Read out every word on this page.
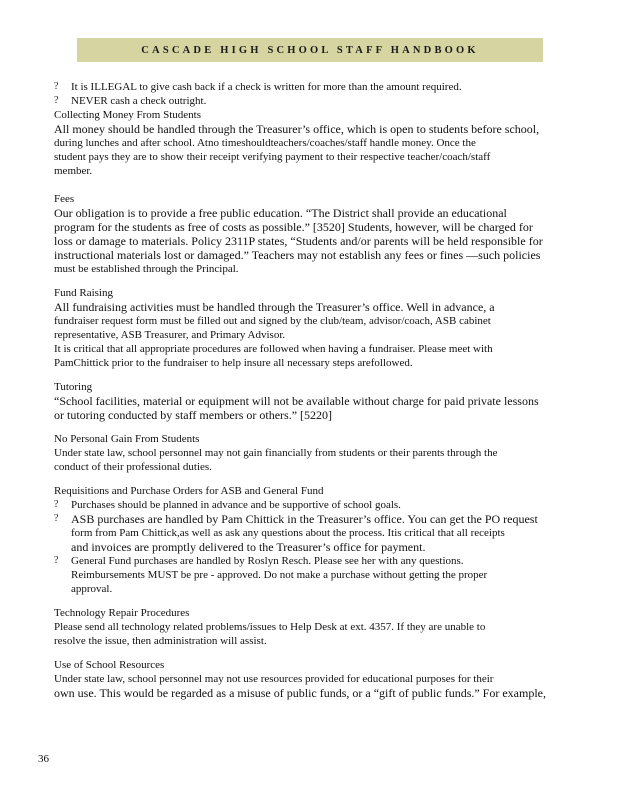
CASCADE HIGH SCHOOL STAFF HANDBOOK
? It is ILLEGAL to give cash back if a check is written for more than the amount required.
? NEVER cash a check outright.
Collecting Money From Students
All money should be handled through the Treasurer’s office, which is open to students before school,
during lunches and after school. Atno timeshouldteachers/coaches/staff handle money. Once the
student pays they are to show their receipt verifying payment to their respective teacher/coach/staff
member.
Fees
Our obligation is to provide a free public education. “The District shall provide an educational
program for the students as free of costs as possible.” [3520] Students, however, will be charged for
loss or damage to materials. Policy 2311P states, “Students and/or parents will be held responsible for
instructional materials lost or damaged.” Teachers may not establish any fees or fines —such policies
must be established through the Principal.
Fund Raising
All fundraising activities must be handled through the Treasurer’s office. Well in advance, a
fundraiser request form must be filled out and signed by the club/team, advisor/coach, ASB cabinet
representative, ASB Treasurer, and Primary Advisor.
It is critical that all appropriate procedures are followed when having a fundraiser. Please meet with
PamChittick prior to the fundraiser to help insure all necessary steps arefollowed.
Tutoring
“School facilities, material or equipment will not be available without charge for paid private lessons
or tutoring conducted by staff members or others.” [5220]
No Personal Gain From Students
Under state law, school personnel may not gain financially from students or their parents through the
conduct of their professional duties.
Requisitions and Purchase Orders for ASB and General Fund
? Purchases should be planned in advance and be supportive of school goals.
? ASB purchases are handled by Pam Chittick in the Treasurer’s office. You can get the PO request
form from Pam Chittick,as well as ask any questions about the process. Itis critical that all receipts
and invoices are promptly delivered to the Treasurer’s office for payment.
? General Fund purchases are handled by Roslyn Resch. Please see her with any questions.
Reimbursements MUST be pre - approved. Do not make a purchase without getting the proper
approval.
Technology Repair Procedures
Please send all technology related problems/issues to Help Desk at ext. 4357. If they are unable to
resolve the issue, then administration will assist.
Use of School Resources
Under state law, school personnel may not use resources provided for educational purposes for their
own use. This would be regarded as a misuse of public funds, or a “gift of public funds.” For example,
36
